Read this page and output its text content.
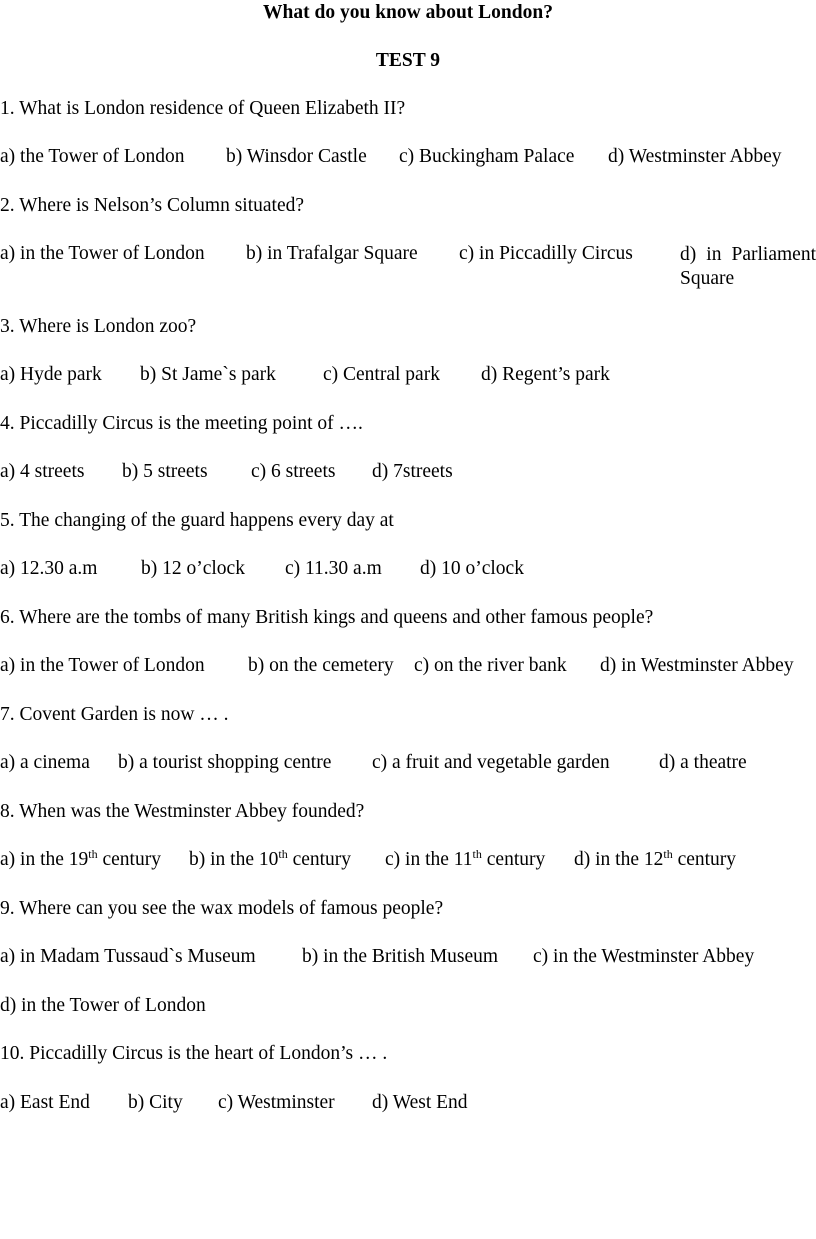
What do you know about London?
TEST 9
1. What is London residence of Queen Elizabeth II?
a) the Tower of London b) Winsdor Castle c) Buckingham Palace d) Westminster Abbey
2. Where is Nelson’s Column situated?
a) in the Tower of London b) in Trafalgar Square c) in Piccadilly Circus	d) in Parliament Square
3. Where is London zoo?
a) Hyde park b) St Jame`s park c) Central park d) Regent’s park
4. Piccadilly Circus is the meeting point of ….
a) 4 streets b) 5 streets c) 6 streets d) 7streets
5. The changing of the guard happens every day at
a) 12.30 a.m b) 12 o’clock c) 11.30 a.m d) 10 o’clock
6. Where are the tombs of many British kings and queens and other famous people?
a) in the Tower of London b) on the cemetery c) on the river bank d) in Westminster Abbey
7. Covent Garden is now … .
a) a cinema b) a tourist shopping centre c) a fruit and vegetable garden	d) a theatre
8. When was the Westminster Abbey founded?
a) in the 19th century b) in the 10th century c) in the 11th century d) in the 12th century
9. Where can you see the wax models of famous people?
a) in Madam Tussaud`s Museum b) in the British Museum c) in the Westminster Abbey
d) in the Tower of London
10. Piccadilly Circus is the heart of London’s … .
a) East End b) City c) Westminster d) West End
